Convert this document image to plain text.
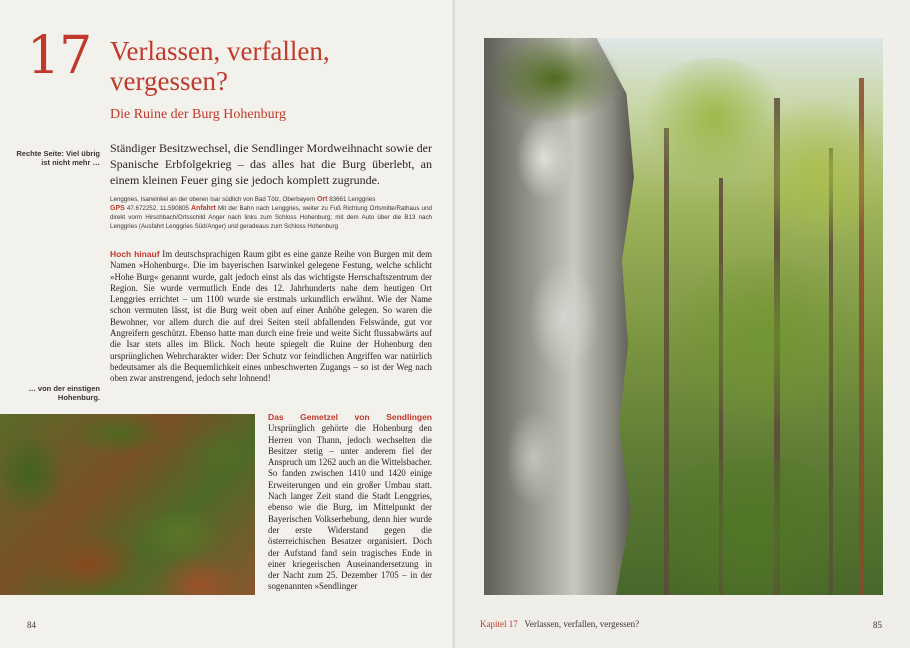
17 Verlassen, verfallen, vergessen?
Die Ruine der Burg Hohenburg
Rechte Seite: Viel übrig ist nicht mehr …
Ständiger Besitzwechsel, die Sendlinger Mordweihnacht sowie der Spanische Erbfolgekrieg – das alles hat die Burg überlebt, an einem kleinen Feuer ging sie jedoch komplett zugrunde.
Lenggries, Isarwinkel an der oberen Isar südlich von Bad Tölz, Oberbayern Ort 83661 Lenggries
GPS 47.672252, 11.590805 Anfahrt Mit der Bahn nach Lenggries, weiter zu Fuß Richtung Ortsmitte/Rathaus und direkt vorm Hirschbach/Ortsschild Anger nach links zum Schloss Hohenburg; mit dem Auto über die B13 nach Lenggries (Ausfahrt Lenggries Süd/Anger) und geradeaus zum Schloss Hohenburg
Hoch hinauf Im deutschsprachigen Raum gibt es eine ganze Reihe von Burgen mit dem Namen »Hohenburg«. Die im bayerischen Isarwinkel gelegene Festung, welche schlicht »Hohe Burg« genannt wurde, galt jedoch einst als das wichtigste Herrschaftszentrum der Region. Sie wurde vermutlich Ende des 12. Jahrhunderts nahe dem heutigen Ort Lenggries errichtet – um 1100 wurde sie erstmals urkundlich erwähnt. Wie der Name schon vermuten lässt, ist die Burg weit oben auf einer Anhöhe gelegen. So waren die Bewohner, vor allem durch die auf drei Seiten steil abfallenden Felswände, gut vor Angreifern geschützt. Ebenso hatte man durch eine freie und weite Sicht flussabwärts auf die Isar stets alles im Blick. Noch heute spiegelt die Ruine der Hohenburg den ursprünglichen Wehrcharakter wider: Der Schutz vor feindlichen Angriffen war natürlich bedeutsamer als die Bequemlichkeit eines unbeschwerten Zugangs – so ist der Weg nach oben zwar anstrengend, jedoch sehr lohnend!
… von der einstigen Hohenburg.
Das Gemetzel von Sendlingen Ursprünglich gehörte die Hohenburg den Herren von Thann, jedoch wechselten die Besitzer stetig – unter anderem fiel der Anspruch um 1262 auch an die Wittelsbacher. So fanden zwischen 1410 und 1420 einige Erweiterungen und ein großer Umbau statt. Nach langer Zeit stand die Stadt Lenggries, ebenso wie die Burg, im Mittelpunkt der Bayerischen Volkserhebung, denn hier wurde der erste Widerstand gegen die österreichischen Besatzer organisiert. Doch der Aufstand fand sein tragisches Ende in einer kriegerischen Auseinandersetzung in der Nacht zum 25. Dezember 1705 – in der sogenannten »Sendlinger
84	Kapitel 17 Verlassen, verfallen, vergessen?	85
